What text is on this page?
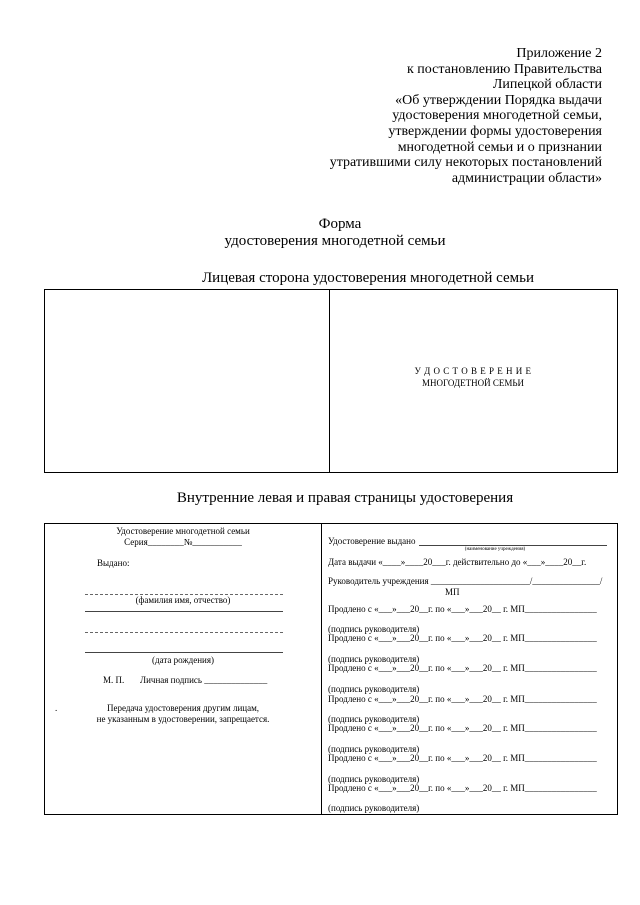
Приложение 2
к постановлению Правительства
Липецкой области
«Об утверждении Порядка выдачи
удостоверения многодетной семьи,
утверждении формы удостоверения
многодетной семьи и о признании
утратившими силу некоторых постановлений
администрации области»
Форма
удостоверения многодетной семьи
Лицевая сторона удостоверения многодетной семьи
У Д О С Т О В Е Р Е Н И Е
МНОГОДЕТНОЙ СЕМЬИ
Внутренние левая и правая страницы удостоверения
Удостоверение многодетной семьи
Серия________№___________
Выдано:
(фамилия имя, отчество)
(дата рождения)
М. П. Личная подпись ______________
.	Передача удостоверения другим лицам,
не указанным в удостоверении, запрещается.
Удостоверение выдано
(наименование учреждения)
Дата выдачи «____»____20___г. действительно до «___»____20__г.
Руководитель учреждения ______________________/_______________/
МП
Продлено с «___»___20__г. по «___»___20__ г. МП________________
(подпись руководителя)
Продлено с «___»___20__г. по «___»___20__ г. МП________________
(подпись руководителя)
Продлено с «___»___20__г. по «___»___20__ г. МП________________
(подпись руководителя)
Продлено с «___»___20__г. по «___»___20__ г. МП________________
(подпись руководителя)
Продлено с «___»___20__г. по «___»___20__ г. МП________________
(подпись руководителя)
Продлено с «___»___20__г. по «___»___20__ г. МП________________
(подпись руководителя)
Продлено с «___»___20__г. по «___»___20__ г. МП________________
(подпись руководителя)
